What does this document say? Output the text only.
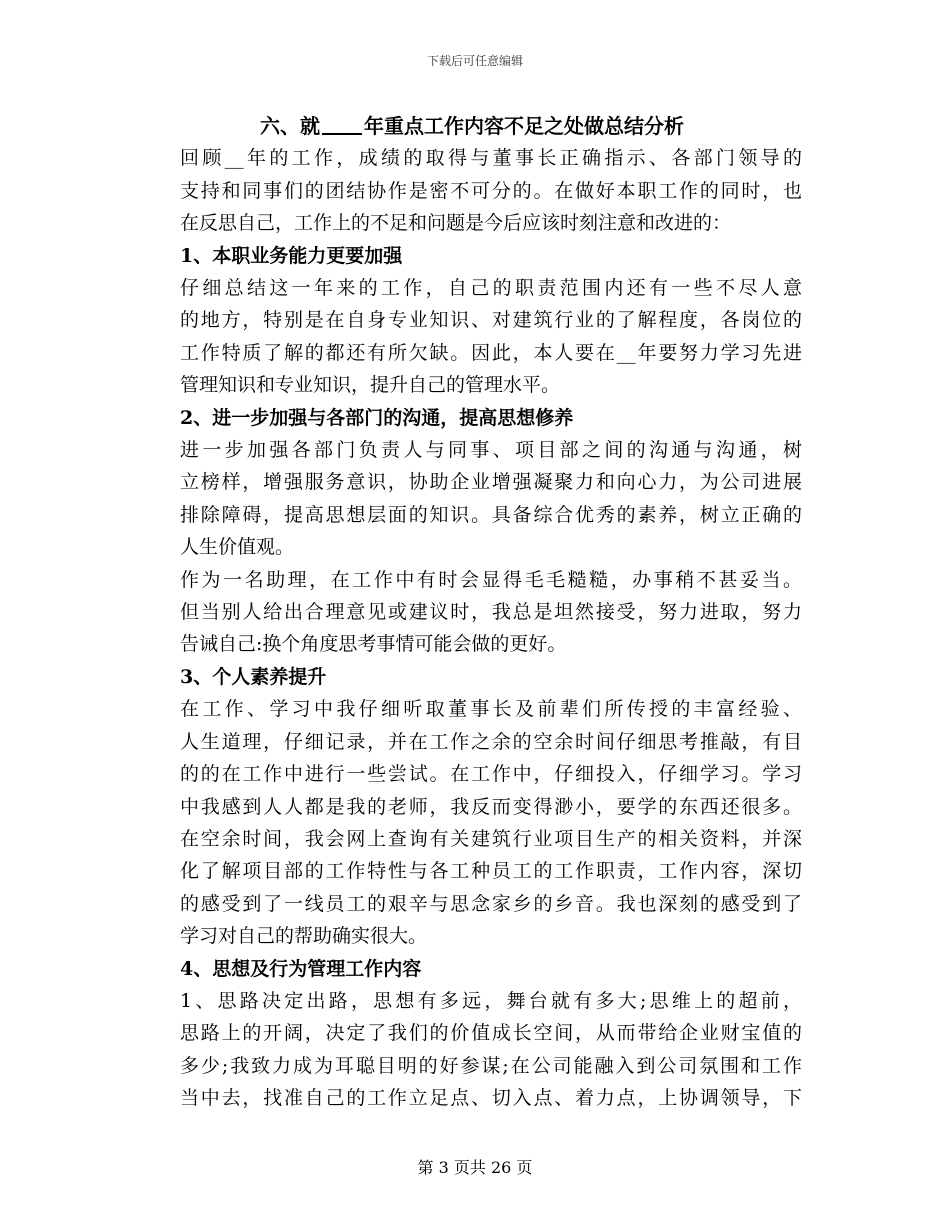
下载后可任意编辑

六、就 年重点工作内容不足之处做总结分析

回顾__年的工作，成绩的取得与董事长正确指示、各部门领导的
支持和同事们的团结协作是密不可分的。在做好本职工作的同时，也
在反思自己，工作上的不足和问题是今后应该时刻注意和改进的：

1、本职业务能力更要加强

仔细总结这一年来的工作，自己的职责范围内还有一些不尽人意
的地方，特别是在自身专业知识、对建筑行业的了解程度，各岗位的
工作特质了解的都还有所欠缺。因此，本人要在__年要努力学习先进
管理知识和专业知识，提升自己的管理水平。

2、进一步加强与各部门的沟通，提高思想修养

进一步加强各部门负责人与同事、项目部之间的沟通与沟通，树
立榜样，增强服务意识，协助企业增强凝聚力和向心力，为公司进展
排除障碍，提高思想层面的知识。具备综合优秀的素养，树立正确的
人生价值观。
作为一名助理，在工作中有时会显得毛毛糙糙，办事稍不甚妥当。
但当别人给出合理意见或建议时，我总是坦然接受，努力进取，努力
告诫自己:换个角度思考事情可能会做的更好。

3、个人素养提升

在工作、学习中我仔细听取董事长及前辈们所传授的丰富经验、
人生道理，仔细记录，并在工作之余的空余时间仔细思考推敲，有目
的的在工作中进行一些尝试。在工作中，仔细投入，仔细学习。学习
中我感到人人都是我的老师，我反而变得渺小，要学的东西还很多。
在空余时间，我会网上查询有关建筑行业项目生产的相关资料，并深
化了解项目部的工作特性与各工种员工的工作职责，工作内容，深切
的感受到了一线员工的艰辛与思念家乡的乡音。我也深刻的感受到了
学习对自己的帮助确实很大。

4、思想及行为管理工作内容

1、思路决定出路，思想有多远，舞台就有多大;思维上的超前，
思路上的开阔，决定了我们的价值成长空间，从而带给企业财宝值的
多少;我致力成为耳聪目明的好参谋;在公司能融入到公司氛围和工作
当中去，找准自己的工作立足点、切入点、着力点，上协调领导，下
第 3 页共 26 页
